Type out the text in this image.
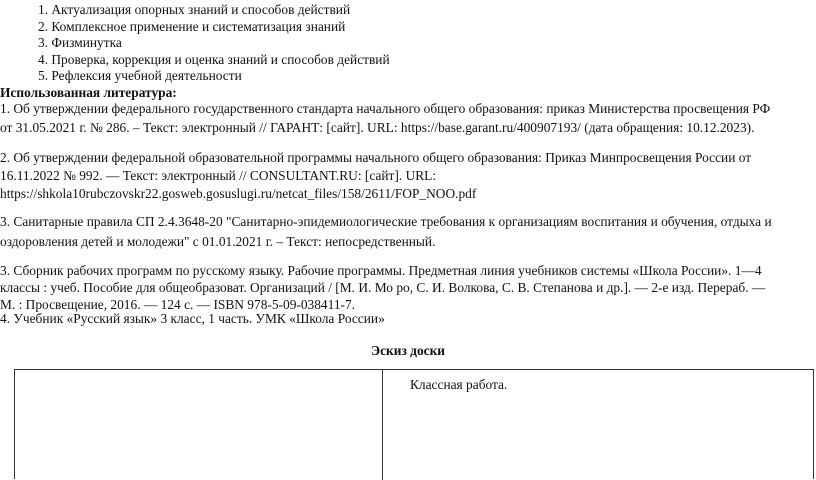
1. Актуализация опорных знаний и способов действий
2. Комплексное применение и систематизация знаний
3. Физминутка
4. Проверка, коррекция и оценка знаний и способов действий
5. Рефлексия учебной деятельности

Использованная литература:

1. Об утверждении федерального государственного стандарта начального общего образования: приказ Министерства просвещения РФ

от 31.05.2021 г. № 286. – Текст: электронный // ГАРАНТ: [сайт]. URL: https://base.garant.ru/400907193/ (дата обращения: 10.12.2023).

2. Об утверждении федеральной образовательной программы начального общего образования: Приказ Минпросвещения России от

16.11.2022 № 992. — Текст: электронный // CONSULTANT.RU: [сайт]. URL:

https://shkola10rubczovskr22.gosweb.gosuslugi.ru/netcat_files/158/2611/FOP_NOO.pdf

3. Санитарные правила СП 2.4.3648-20 "Санитарно-эпидемиологические требования к организациям воспитания и обучения, отдыха и

оздоровления детей и молодежи" с 01.01.2021 г. – Текст: непосредственный.

3. Сборник рабочих программ по русскому языку. Рабочие программы. Предметная линия учебников системы «Школа России». 1—4

классы : учеб. Пособие для общеобразоват. Организаций / [М. И. Мо ро, С. И. Волкова, С. В. Степанова и др.]. — 2-е изд. Перераб. —

М. : Просвещение, 2016. — 124 с. — ISBN 978-5-09-038411-7.

4. Учебник «Русский язык» 3 класс, 1 часть. УМК «Школа России»

Эскиз доски

Классная работа.
